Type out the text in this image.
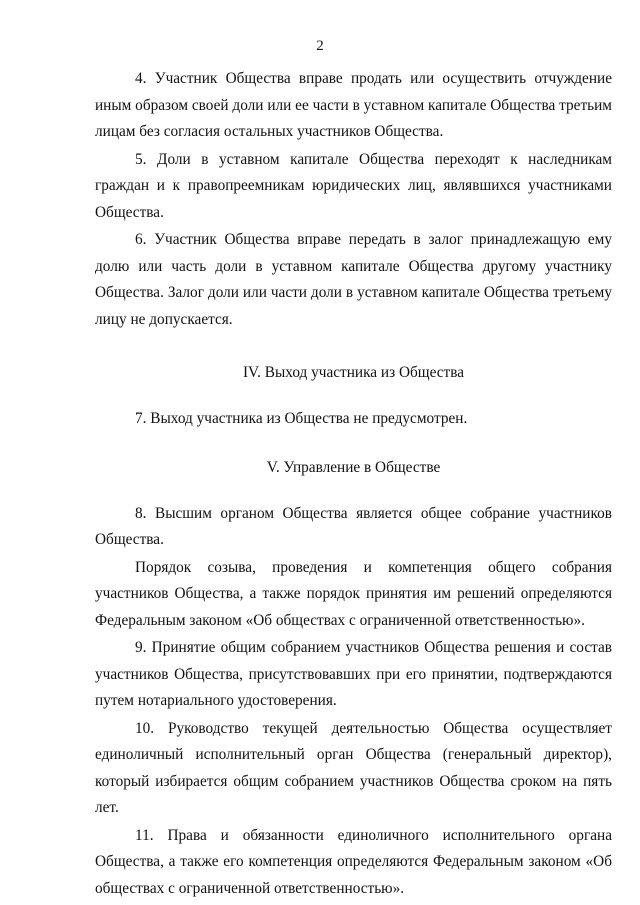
2

4. Участник Общества вправе продать или осуществить отчуждение иным образом своей доли или ее части в уставном капитале Общества третьим лицам без согласия остальных участников Общества.

5. Доли в уставном капитале Общества переходят к наследникам граждан и к правопреемникам юридических лиц, являвшихся участниками Общества.

6. Участник Общества вправе передать в залог принадлежащую ему долю или часть доли в уставном капитале Общества другому участнику Общества. Залог доли или части доли в уставном капитале Общества третьему лицу не допускается.

IV. Выход участника из Общества

7. Выход участника из Общества не предусмотрен.

V. Управление в Обществе

8. Высшим органом Общества является общее собрание участников Общества.

Порядок созыва, проведения и компетенция общего собрания участников Общества, а также порядок принятия им решений определяются Федеральным законом «Об обществах с ограниченной ответственностью».

9. Принятие общим собранием участников Общества решения и состав участников Общества, присутствовавших при его принятии, подтверждаются путем нотариального удостоверения.

10. Руководство текущей деятельностью Общества осуществляет единоличный исполнительный орган Общества (генеральный директор), который избирается общим собранием участников Общества сроком на пять лет.

11. Права и обязанности единоличного исполнительного органа Общества, а также его компетенция определяются Федеральным законом «Об обществах с ограниченной ответственностью».
